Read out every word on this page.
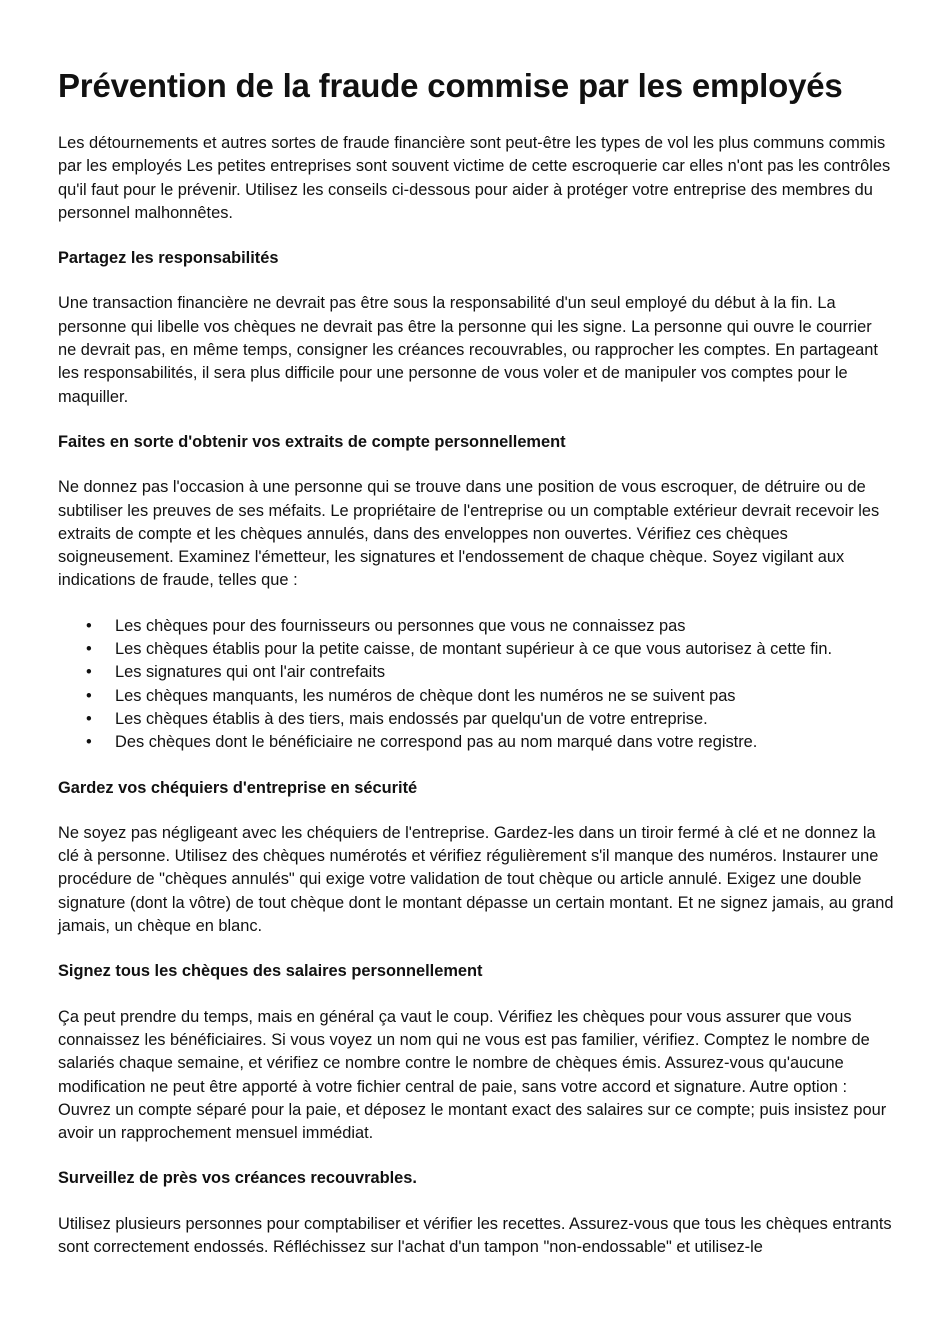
Prévention de la fraude commise par les employés

Les détournements et autres sortes de fraude financière sont peut-être les types de vol les plus communs commis par les employés Les petites entreprises sont souvent victime de cette escroquerie car elles n'ont pas les contrôles qu'il faut pour le prévenir. Utilisez les conseils ci-dessous pour aider à protéger votre entreprise des membres du personnel malhonnêtes.

Partagez les responsabilités

Une transaction financière ne devrait pas être sous la responsabilité d'un seul employé du début à la fin. La personne qui libelle vos chèques ne devrait pas être la personne qui les signe. La personne qui ouvre le courrier ne devrait pas, en même temps, consigner les créances recouvrables, ou rapprocher les comptes. En partageant les responsabilités, il sera plus difficile pour une personne de vous voler et de manipuler vos comptes pour le maquiller.

Faites en sorte d'obtenir vos extraits de compte personnellement

Ne donnez pas l'occasion à une personne qui se trouve dans une position de vous escroquer, de détruire ou de subtiliser les preuves de ses méfaits. Le propriétaire de l'entreprise ou un comptable extérieur devrait recevoir les extraits de compte et les chèques annulés, dans des enveloppes non ouvertes. Vérifiez ces chèques soigneusement. Examinez l'émetteur, les signatures et l'endossement de chaque chèque. Soyez vigilant aux indications de fraude, telles que :

• Les chèques pour des fournisseurs ou personnes que vous ne connaissez pas
• Les chèques établis pour la petite caisse, de montant supérieur à ce que vous autorisez à cette fin.
• Les signatures qui ont l'air contrefaits
• Les chèques manquants, les numéros de chèque dont les numéros ne se suivent pas
• Les chèques établis à des tiers, mais endossés par quelqu'un de votre entreprise.
• Des chèques dont le bénéficiaire ne correspond pas au nom marqué dans votre registre.
Gardez vos chéquiers d'entreprise en sécurité

Ne soyez pas négligeant avec les chéquiers de l'entreprise. Gardez-les dans un tiroir fermé à clé et ne donnez la clé à personne. Utilisez des chèques numérotés et vérifiez régulièrement s'il manque des numéros. Instaurer une procédure de "chèques annulés" qui exige votre validation de tout chèque ou article annulé. Exigez une double signature (dont la vôtre) de tout chèque dont le montant dépasse un certain montant. Et ne signez jamais, au grand jamais, un chèque en blanc.

Signez tous les chèques des salaires personnellement

Ça peut prendre du temps, mais en général ça vaut le coup. Vérifiez les chèques pour vous assurer que vous connaissez les bénéficiaires. Si vous voyez un nom qui ne vous est pas familier, vérifiez. Comptez le nombre de salariés chaque semaine, et vérifiez ce nombre contre le nombre de chèques émis. Assurez-vous qu'aucune modification ne peut être apporté à votre fichier central de paie, sans votre accord et signature. Autre option : Ouvrez un compte séparé pour la paie, et déposez le montant exact des salaires sur ce compte; puis insistez pour avoir un rapprochement mensuel immédiat.

Surveillez de près vos créances recouvrables.

Utilisez plusieurs personnes pour comptabiliser et vérifier les recettes. Assurez-vous que tous les chèques entrants sont correctement endossés. Réfléchissez sur l'achat d'un tampon "non-endossable" et utilisez-le
